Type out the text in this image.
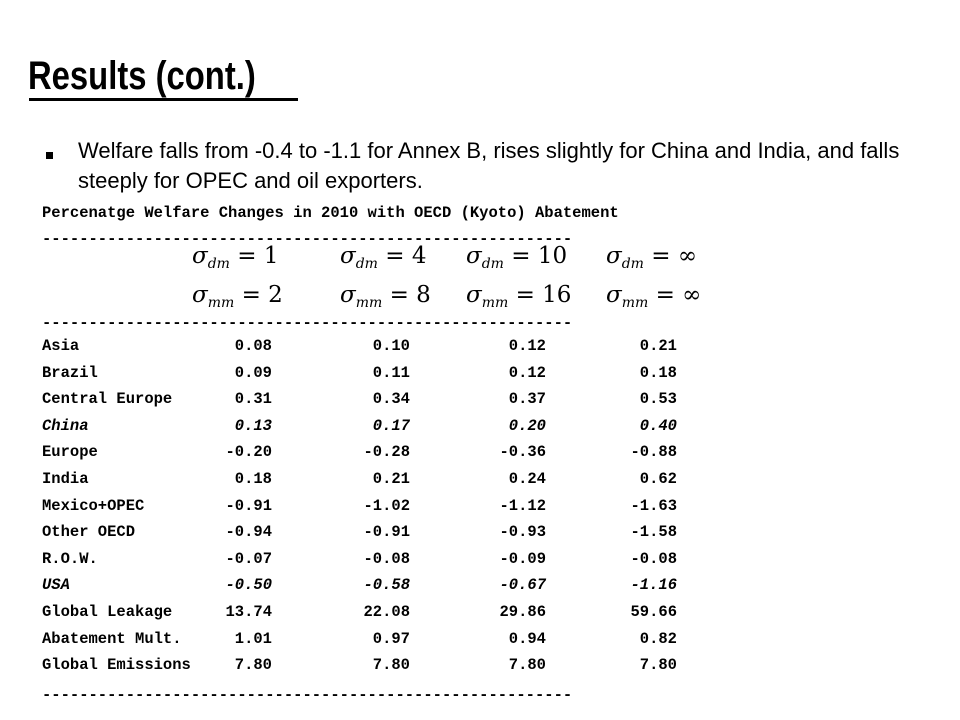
Results (cont.)
Welfare falls from -0.4 to -1.1 for Annex B, rises slightly for China and India, and falls steeply for OPEC and oil exporters.
Percenatge Welfare Changes in 2010 with OECD (Kyoto) Abatement
---------------------------------------------------------
$\sigma_{dm} = 1$	$\sigma_{dm} = 4$ $\sigma_{dm} = 10$ $\sigma_{dm}$ = ∞
$\sigma_{mm} = 2$ $\sigma_{mm} = 8$ $\sigma_{mm} = 16$ $\sigma_{mm}$ = ∞
---------------------------------------------------------
Asia	0.08	0.10	0.12	0.21
Brazil	0.09	0.11	0.12	0.18
Central Europe	0.31	0.34	0.37	0.53
China	0.13	0.17	0.20	0.40
Europe	-0.20	-0.28	-0.36	-0.88
India	0.18	0.21	0.24	0.62
Mexico+OPEC	-0.91	-1.02	-1.12	-1.63
Other OECD	-0.94	-0.91	-0.93	-1.58
R.O.W.	-0.07	-0.08	-0.09	-0.08
USA	-0.50	-0.58	-0.67	-1.16
Global Leakage	13.74	22.08	29.86	59.66
Abatement Mult.	1.01	0.97	0.94	0.82
Global Emissions	7.80	7.80	7.80	7.80
---------------------------------------------------------
